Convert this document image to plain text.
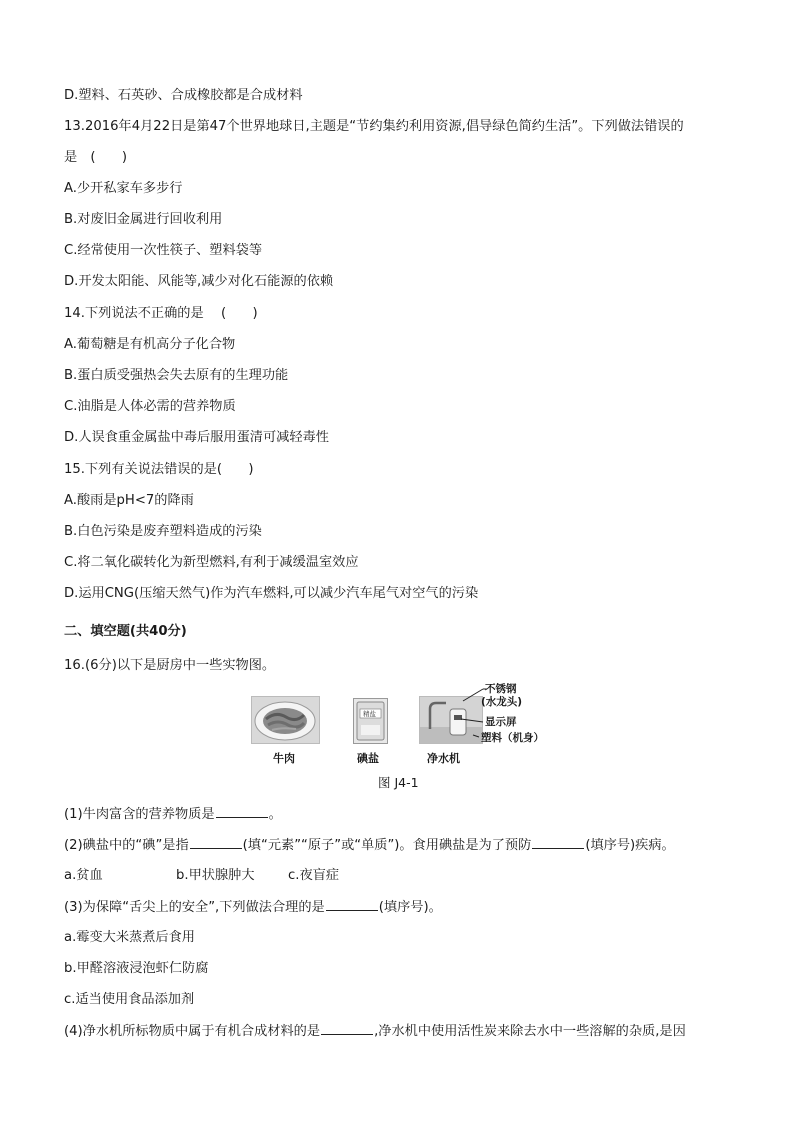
D.塑料、石英砂、合成橡胶都是合成材料
13.2016年4月22日是第47个世界地球日,主题是“节约集约利用资源,倡导绿色简约生活”。下列做法错误的
是　(　　)
A.少开私家车多步行
B.对废旧金属进行回收利用
C.经常使用一次性筷子、塑料袋等
D.开发太阳能、风能等,减少对化石能源的依赖
14.下列说法不正确的是　 (　　)
A.葡萄糖是有机高分子化合物
B.蛋白质受强热会失去原有的生理功能
C.油脂是人体必需的营养物质
D.人误食重金属盐中毒后服用蛋清可减轻毒性
15.下列有关说法错误的是(　　)
A.酸雨是pH<7的降雨
B.白色污染是废弃塑料造成的污染
C.将二氧化碳转化为新型燃料,有利于减缓温室效应
D.运用CNG(压缩天然气)作为汽车燃料,可以减少汽车尾气对空气的污染
二、填空题(共40分)
16.(6分)以下是厨房中一些实物图。
精盐
不锈钢
(水龙头)
显示屏
塑料（机身）
牛肉	碘盐	净水机
图 J4-1
(1)牛肉富含的营养物质是	。
(2)碘盐中的“碘”是指	(填“元素”“原子”或“单质”)。食用碘盐是为了预防	(填序号)疾病。
a.贫血	b.甲状腺肿大	c.夜盲症
(3)为保障“舌尖上的安全”,下列做法合理的是	(填序号)。
a.霉变大米蒸煮后食用
b.甲醛溶液浸泡虾仁防腐
c.适当使用食品添加剂
(4)净水机所标物质中属于有机合成材料的是	,净水机中使用活性炭来除去水中一些溶解的杂质,是因
